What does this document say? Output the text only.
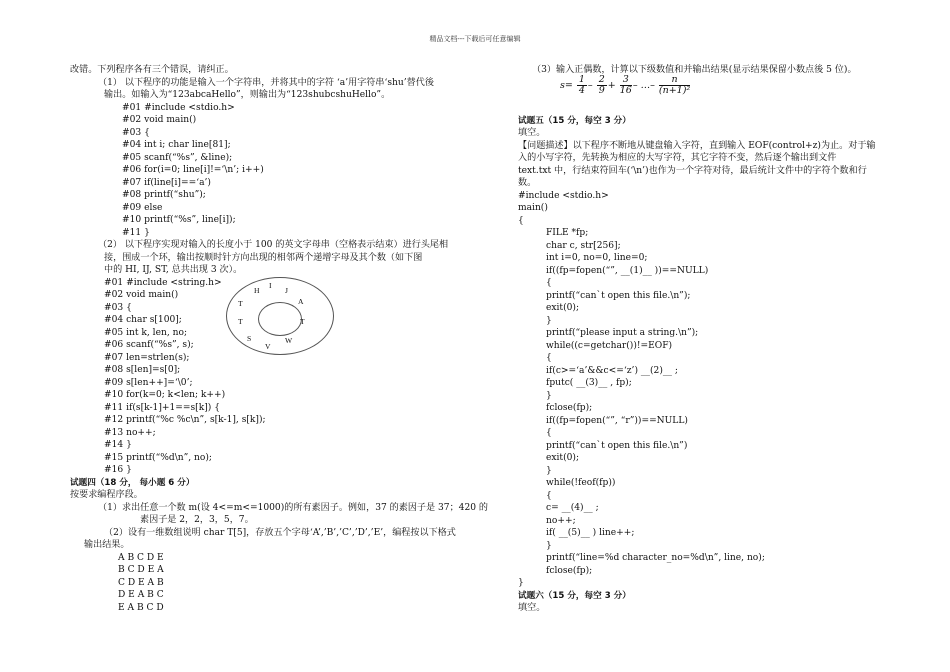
精品文档---下载后可任意编辑
改错。下列程序各有三个错误，请纠正。
（1） 以下程序的功能是输入一个字符串，并将其中的字符 ‘a’用字符串‘shu’替代後
输出。如输入为“123abcaHello”，则输出为“123shubcshuHello”。
#01 #include <stdio.h>
#02 void main()
#03 {
#04 int i; char line[81];
#05 scanf(“%s”, &line);
#06 for(i=0; line[i]!=‘\n’; i++)
#07 if(line[i]==‘a’)
#08 printf(“shu”);
#09 else
#10 printf(“%s”, line[i]);
#11 }
（2） 以下程序实现对输入的长度小于 100 的英文字母串（空格表示结束）进行头尾相
接，围成一个环，输出按顺时针方向出现的相邻两个递增字母及其个数（如下图
中的 HI, IJ, ST, 总共出现 3 次）。
#01 #include <string.h>
#02 void main()
#03 {
#04 char s[100];
#05 int k, len, no;
#06 scanf(“%s”, s);
#07 len=strlen(s);
#08 s[len]=s[0];
#09 s[len++]=‘\0’;
#10 for(k=0; k<len; k++)
#11 if(s[k-1]+1==s[k]) {
#12 printf(“%c %c\n”, s[k-1], s[k]);
#13 no++;
#14 }
#15 printf(“%d\n”, no);
#16 }
试题四（18 分， 每小题 6 分）
按要求编程序段。
（1）求出任意一个数 m(设 4<=m<=1000)的所有素因子。例如，37 的素因子是 37；420 的
素因子是 2，2，3，5，7。
（2）设有一维数组说明 char T[5]，存放五个字母‘A’,’B’,’C’,’D’,’E’，编程按以下格式
输出结果。
A B C D E
B C D E A
C D E A B
D E A B C
E A B C D
H
I
J
A
T
W
V
S
T
T
（3）输入正偶数，计算以下级数值和并输出结果(显示结果保留小数点後 5 位)。
试题五（15 分，每空 3 分）
填空。
【问题描述】以下程序不断地从键盘输入字符，直到输入 EOF(control+z)为止。对于输
入的小写字符，先转换为相应的大写字符，其它字符不变，然后逐个输出到文件
text.txt 中，行结束符回车(‘\n’)也作为一个字符对待，最后统计文件中的字符个数和行
数。
#include <stdio.h>
main()
{
FILE *fp;
char c, str[256];
int i=0, no=0, line=0;
if((fp=fopen(“”, __(1)__ ))==NULL)
{
printf(“can`t open this file.\n”);
exit(0);
}
printf(“please input a string.\n”);
while((c=getchar())!=EOF)
{
if(c>=‘a’&&c<=‘z’) __(2)__ ;
fputc( __(3)__ , fp);
}
fclose(fp);
if((fp=fopen(“”, “r”))==NULL)
{
printf(“can`t open this file.\n”)
exit(0);
}
while(!feof(fp))
{
c= __(4)__ ;
no++;
if( __(5)__ ) line++;
}
printf(“line=%d character_no=%d\n”, line, no);
fclose(fp);
}
试题六（15 分，每空 3 分）
填空。
$s= \frac{1}{4} - \frac{2}{9} + \frac{3}{16}$ – …– $\frac{n}{\text{(n+1)²}}$
